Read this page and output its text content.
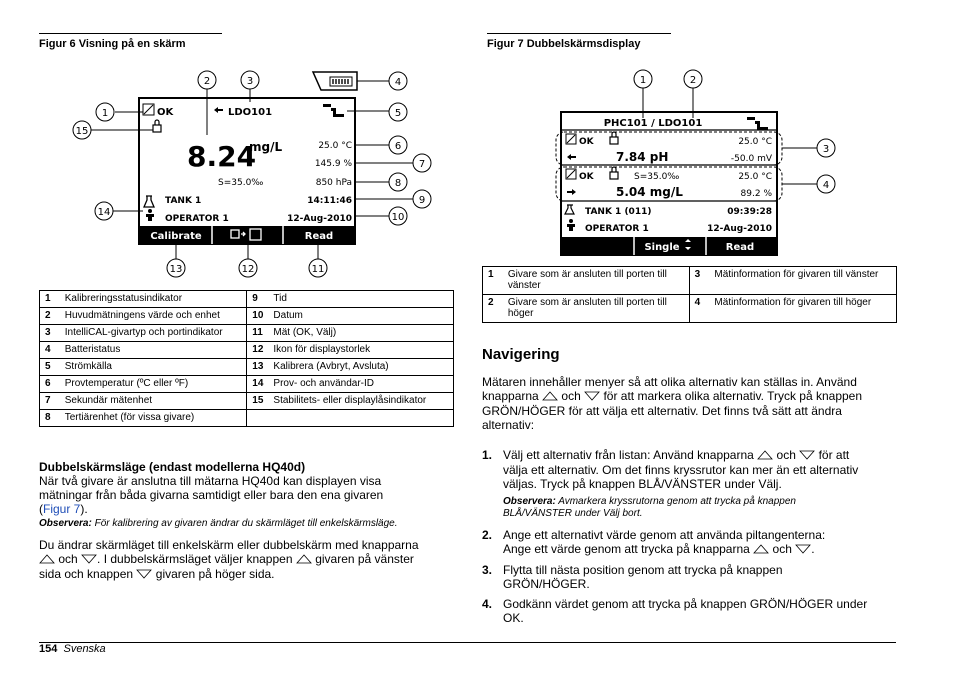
Figur 6 Visning på en skärm
OK	LDO101
8.24
mg/L
S=35.0‰
25.0 °C
145.9 %
850 hPa
TANK 1	14:11:46
OPERATOR 1	12-Aug-2010
Calibrate	Read
1
2	3	4
5
6
7
8
9
10
11
12
13
14
15
1	Kalibreringsstatusindikator	9	Tid
2	Huvudmätningens värde och enhet	10	Datum
3	IntelliCAL-givartyp och portindikator	11	Mät (OK, Välj)
4	Batteristatus	12	Ikon för displaystorlek
5	Strömkälla	13	Kalibrera (Avbryt, Avsluta)
6	Provtemperatur (ºC eller ºF)	14	Prov- och användar-ID
7	Sekundär mätenhet	15	Stabilitets- eller displaylåsindikator
8	Tertiärenhet (för vissa givare)		
Dubbelskärmsläge (endast modellerna HQ40d)
När två givare är anslutna till mätarna HQ40d kan displayen visa
mätningar från båda givarna samtidigt eller bara den ena givaren
(Figur 7).
Observera: För kalibrering av givaren ändrar du skärmläget till enkelskärmsläge.
Du ändrar skärmläget till enkelskärm eller dubbelskärm med knapparna
och . I dubbelskärmsläget väljer knappen givaren på vänster
sida och knappen givaren på höger sida.
Figur 7 Dubbelskärmsdisplay
PHC101 / LDO101
OK	25.0 °C
7.84 pH	-50.0 mV
OK	S=35.0‰	25.0 °C
5.04 mg/L	89.2 %
TANK 1 (011)	09:39:28
OPERATOR 1	12-Aug-2010
Single	Read
1	2
3
4
1	Givare som är ansluten till porten till vänster	3	Mätinformation för givaren till vänster
2	Givare som är ansluten till porten till höger	4	Mätinformation för givaren till höger
Navigering
Mätaren innehåller menyer så att olika alternativ kan ställas in. Använd
knapparna och för att markera olika alternativ. Tryck på knappen
GRÖN/HÖGER för att välja ett alternativ. Det finns två sätt att ändra
alternativ:
1. Välj ett alternativ från listan: Använd knapparna och för att
välja ett alternativ. Om det finns kryssrutor kan mer än ett alternativ
väljas. Tryck på knappen BLÅ/VÄNSTER under Välj.
Observera: Avmarkera kryssrutorna genom att trycka på knappen
BLÅ/VÄNSTER under Välj bort.
2. Ange ett alternativt värde genom att använda piltangenterna:
Ange ett värde genom att trycka på knapparna och .
3. Flytta till nästa position genom att trycka på knappen
GRÖN/HÖGER.
4. Godkänn värdet genom att trycka på knappen GRÖN/HÖGER under
OK.
154 Svenska
